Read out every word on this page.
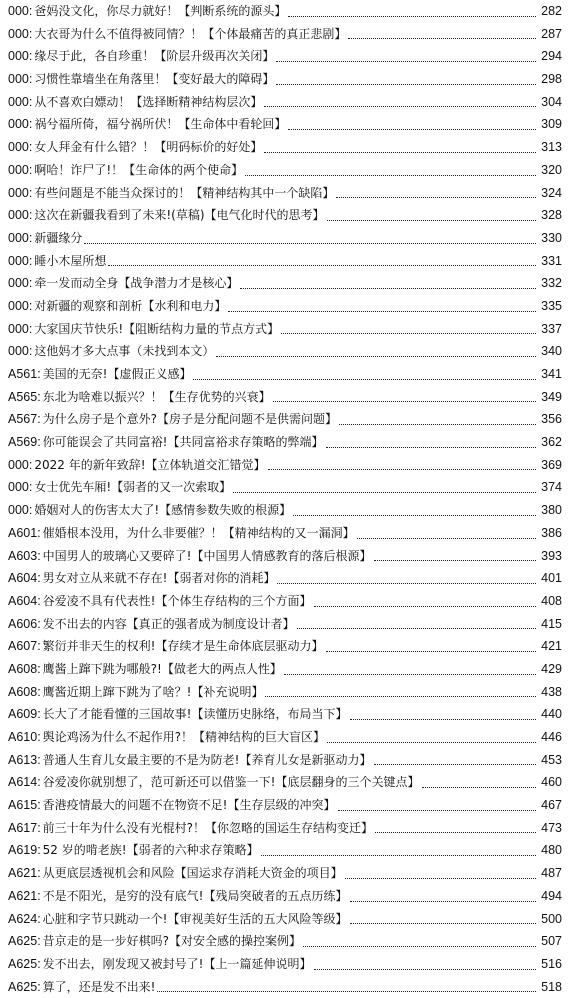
000: 爸妈没文化，你尽力就好！【判断系统的源头】	282
000: 大衣哥为什么不值得被同情？！【个体最痛苦的真正悲剧】	287
000: 缘尽于此，各自珍重！【阶层升级再次关闭】	294
000: 习惯性靠墙坐在角落里！【变好最大的障碍】	298
000: 从不喜欢白嫖动！【选择断精神结构层次】	304
000: 祸兮福所倚，福兮祸所伏！【生命体中看轮回】	309
000: 女人拜金有什么错？！【明码标价的好处】	313
000: 啊哈！诈尸了!！【生命体的两个使命】	320
000: 有些问题是不能当众探讨的！【精神结构其中一个缺陷】	324
000: 这次在新疆我看到了未来!(草稿)【电气化时代的思考】	328
000: 新疆缘分	330
000: 睡小木屋所想	331
000: 牵一发而动全身【战争潜力才是核心】	332
000: 对新疆的观察和剖析【水利和电力】	335
000: 大家国庆节快乐!【阻断结构力量的节点方式】	337
000: 这他妈才多大点事（未找到本文）	340
A561: 美国的无奈!【虚假正义感】	341
A565: 东北为啥难以振兴？！【生存优势的兴衰】	349
A567: 为什么房子是个意外?【房子是分配问题不是供需问题】	356
A569: 你可能误会了共同富裕!【共同富裕求存策略的弊端】	362
000: 2022 年的新年致辞!【立体轨道交汇错觉】	369
000: 女士优先车厢!【弱者的又一次索取】	374
000: 婚姻对人的伤害太大了!【感情参数失败的根源】	380
A601: 催婚根本没用，为什么非要催？！【精神结构的又一漏洞】	386
A603: 中国男人的玻璃心又要碎了!【中国男人情感教育的落后根源】	393
A604: 男女对立从来就不存在!【弱者对你的消耗】	401
A604: 谷爱凌不具有代表性!【个体生存结构的三个方面】	408
A606: 发不出去的内容【真正的强者成为制度设计者】	415
A607: 繁衍并非天生的权利!【存续才是生命体底层驱动力】	421
A608: 鹰酱上蹿下跳为哪般?!【做老大的两点人性】	429
A608: 鹰酱近期上蹿下跳为了啥？!【补充说明】	438
A609: 长大了才能看懂的三国故事!【读懂历史脉络，布局当下】	440
A610: 舆论鸡汤为什么不起作用?！【精神结构的巨大盲区】	446
A613: 普通人生育儿女最主要的不是为防老!【养育儿女是新驱动力】	453
A614: 谷爱凌你就别想了，范可新还可以借鉴一下!【底层翻身的三个关键点】	460
A615: 香港疫情最大的问题不在物资不足!【生存层级的冲突】	467
A617: 前三十年为什么没有光棍村?！【你忽略的国运生存结构变迁】	473
A619: 52 岁的啃老族!【弱者的六种求存策略】	480
A621: 从更底层透视机会和风险【国运求存消耗大资金的项目】	487
A621: 不是不阳光，是穷的没有底气!【残局突破者的五点历练】	494
A624: 心脏和字节只跳动一个!【审视美好生活的五大风险等级】	500
A625: 昔京走的是一步好棋吗?【对安全感的操控案例】	507
A625: 发不出去，刚发现又被封号了!【上一篇延伸说明】	516
A625: 算了，还是发不出来!	518
